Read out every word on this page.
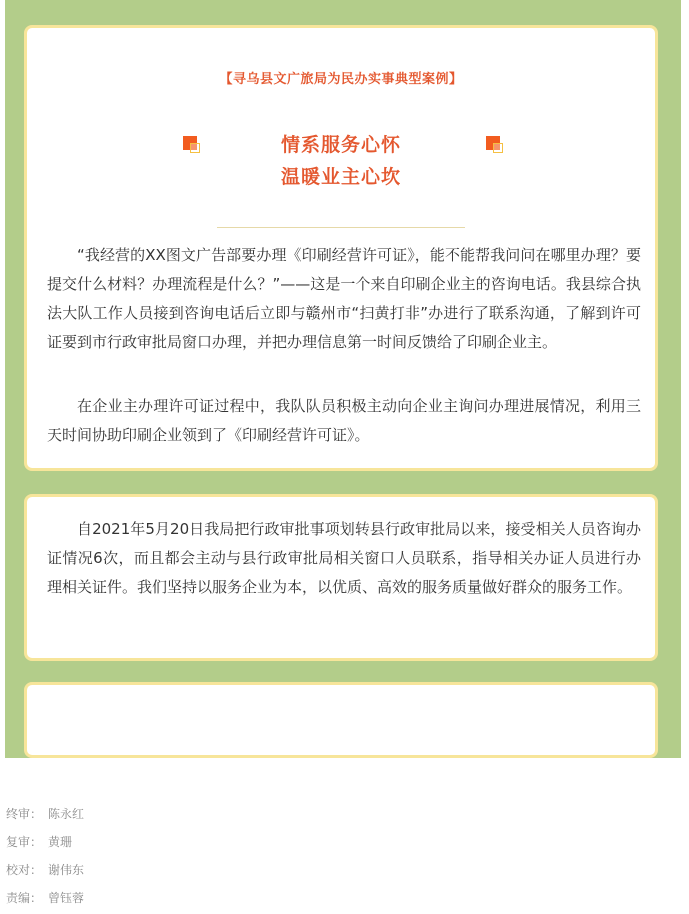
【寻乌县文广旅局为民办实事典型案例】
情系服务心怀
温暖业主心坎

“我经营的XX图文广告部要办理《印刷经营许可证》，能不能帮我问问在哪里办理？要提交什么材料？办理流程是什么？”——这是一个来自印刷企业主的咨询电话。我县综合执法大队工作人员接到咨询电话后立即与赣州市“扫黄打非”办进行了联系沟通，了解到许可证要到市行政审批局窗口办理，并把办理信息第一时间反馈给了印刷企业主。

在企业主办理许可证过程中，我队队员积极主动向企业主询问办理进展情况，利用三天时间协助印刷企业领到了《印刷经营许可证》。

自2021年5月20日我局把行政审批事项划转县行政审批局以来，接受相关人员咨询办证情况6次，而且都会主动与县行政审批局相关窗口人员联系，指导相关办证人员进行办理相关证件。我们坚持以服务企业为本，以优质、高效的服务质量做好群众的服务工作。

终审： 陈永红
复审： 黄珊
校对： 谢伟东
责编： 曾钰蓉
